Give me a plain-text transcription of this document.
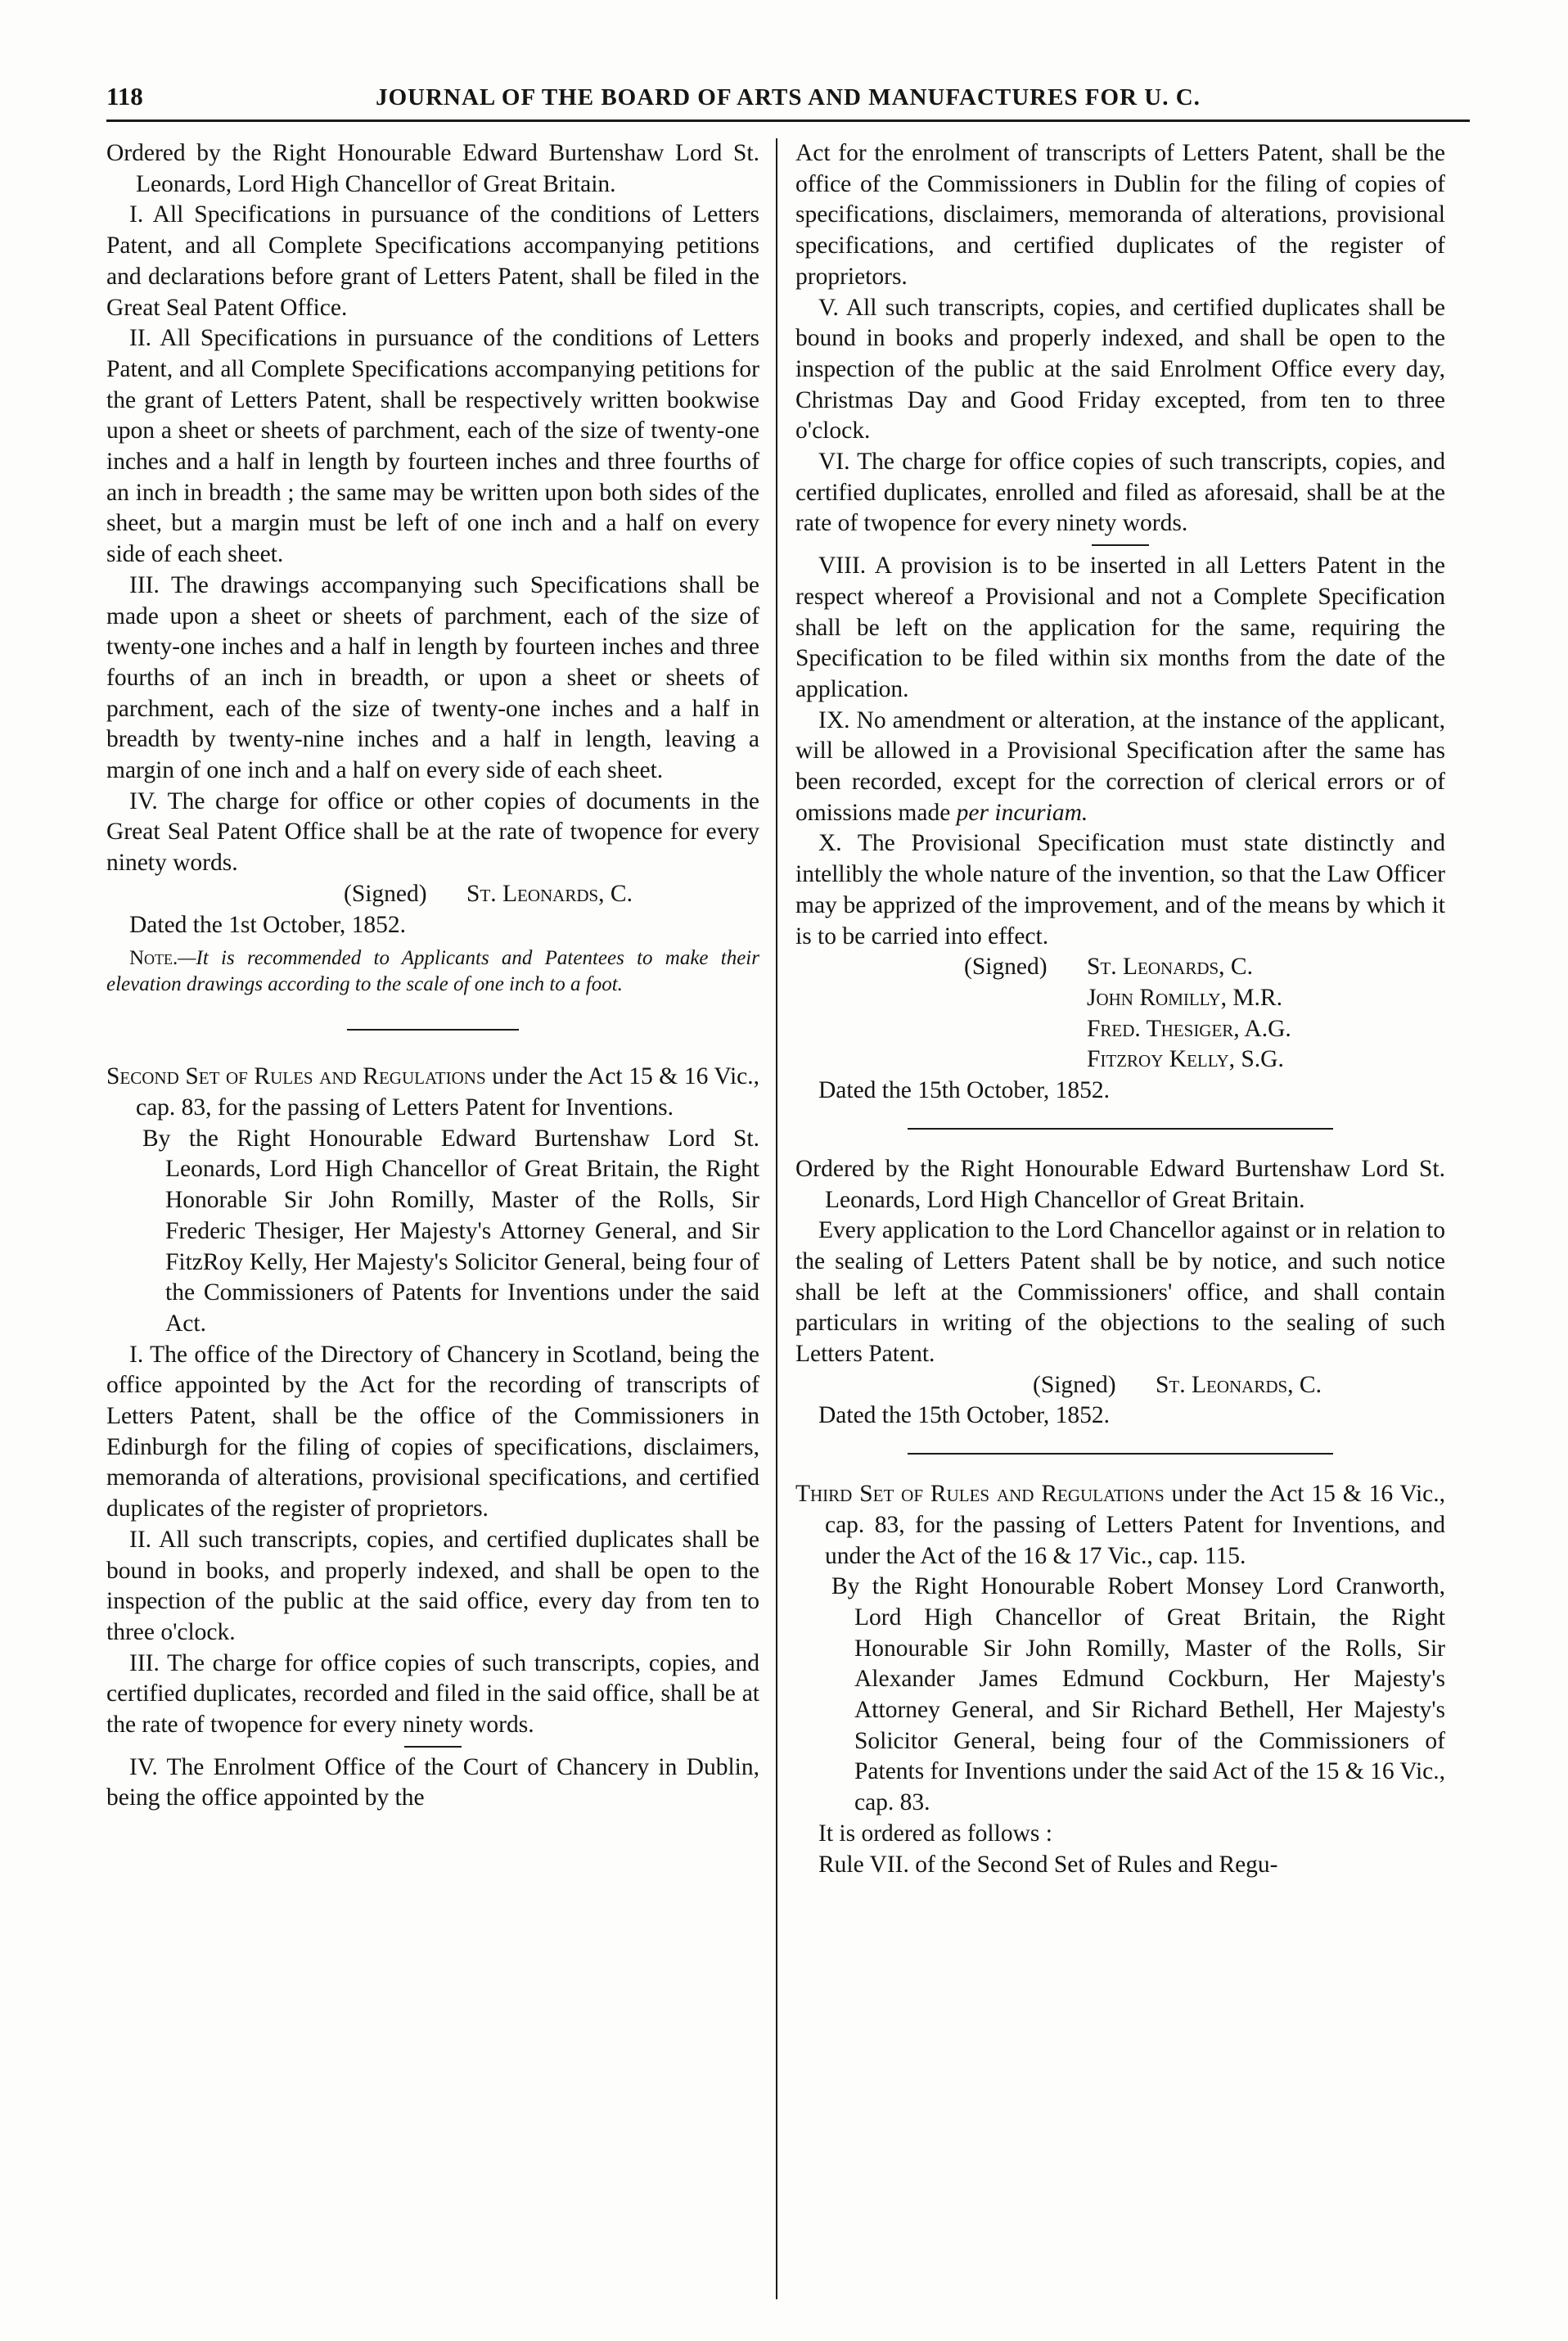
118	JOURNAL OF THE BOARD OF ARTS AND MANUFACTURES FOR U. C.

Ordered by the Right Honourable Edward Burtenshaw Lord St. Leonards, Lord High Chancellor of Great Britain.

I. All Specifications in pursuance of the conditions of Letters Patent, and all Complete Specifications accompanying petitions and declarations before grant of Letters Patent, shall be filed in the Great Seal Patent Office.

II. All Specifications in pursuance of the conditions of Letters Patent, and all Complete Specifications accompanying petitions for the grant of Letters Patent, shall be respectively written bookwise upon a sheet or sheets of parchment, each of the size of twenty-one inches and a half in length by fourteen inches and three fourths of an inch in breadth ; the same may be written upon both sides of the sheet, but a margin must be left of one inch and a half on every side of each sheet.

III. The drawings accompanying such Specifications shall be made upon a sheet or sheets of parchment, each of the size of twenty-one inches and a half in length by fourteen inches and three fourths of an inch in breadth, or upon a sheet or sheets of parchment, each of the size of twenty-one inches and a half in breadth by twenty-nine inches and a half in length, leaving a margin of one inch and a half on every side of each sheet.

IV. The charge for office or other copies of documents in the Great Seal Patent Office shall be at the rate of twopence for every ninety words.

(Signed) St. Leonards, C.

Dated the 1st October, 1852.

Note.—It is recommended to Applicants and Patentees to make their elevation drawings according to the scale of one inch to a foot.

Second Set of Rules and Regulations under the Act 15 & 16 Vic., cap. 83, for the passing of Letters Patent for Inventions.

By the Right Honourable Edward Burtenshaw Lord St. Leonards, Lord High Chancellor of Great Britain, the Right Honorable Sir John Romilly, Master of the Rolls, Sir Frederic Thesiger, Her Majesty's Attorney General, and Sir FitzRoy Kelly, Her Majesty's Solicitor General, being four of the Commissioners of Patents for Inventions under the said Act.

I. The office of the Directory of Chancery in Scotland, being the office appointed by the Act for the recording of transcripts of Letters Patent, shall be the office of the Commissioners in Edinburgh for the filing of copies of specifications, disclaimers, memoranda of alterations, provisional specifications, and certified duplicates of the register of proprietors.

II. All such transcripts, copies, and certified duplicates shall be bound in books, and properly indexed, and shall be open to the inspection of the public at the said office, every day from ten to three o'clock.

III. The charge for office copies of such transcripts, copies, and certified duplicates, recorded and filed in the said office, shall be at the rate of twopence for every ninety words.

IV. The Enrolment Office of the Court of Chancery in Dublin, being the office appointed by the

Act for the enrolment of transcripts of Letters Patent, shall be the office of the Commissioners in Dublin for the filing of copies of specifications, disclaimers, memoranda of alterations, provisional specifications, and certified duplicates of the register of proprietors.

V. All such transcripts, copies, and certified duplicates shall be bound in books and properly indexed, and shall be open to the inspection of the public at the said Enrolment Office every day, Christmas Day and Good Friday excepted, from ten to three o'clock.

VI. The charge for office copies of such transcripts, copies, and certified duplicates, enrolled and filed as aforesaid, shall be at the rate of twopence for every ninety words.

VIII. A provision is to be inserted in all Letters Patent in the respect whereof a Provisional and not a Complete Specification shall be left on the application for the same, requiring the Specification to be filed within six months from the date of the application.

IX. No amendment or alteration, at the instance of the applicant, will be allowed in a Provisional Specification after the same has been recorded, except for the correction of clerical errors or of omissions made per incuriam.

X. The Provisional Specification must state distinctly and intellibly the whole nature of the invention, so that the Law Officer may be apprized of the improvement, and of the means by which it is to be carried into effect.

(Signed)	St. Leonards, C.
John Romilly, M.R.
Fred. Thesiger, A.G.
Fitzroy Kelly, S.G.

Dated the 15th October, 1852.

Ordered by the Right Honourable Edward Burtenshaw Lord St. Leonards, Lord High Chancellor of Great Britain.

Every application to the Lord Chancellor against or in relation to the sealing of Letters Patent shall be by notice, and such notice shall be left at the Commissioners' office, and shall contain particulars in writing of the objections to the sealing of such Letters Patent.

(Signed) St. Leonards, C.

Dated the 15th October, 1852.

Third Set of Rules and Regulations under the Act 15 & 16 Vic., cap. 83, for the passing of Letters Patent for Inventions, and under the Act of the 16 & 17 Vic., cap. 115.

By the Right Honourable Robert Monsey Lord Cranworth, Lord High Chancellor of Great Britain, the Right Honourable Sir John Romilly, Master of the Rolls, Sir Alexander James Edmund Cockburn, Her Majesty's Attorney General, and Sir Richard Bethell, Her Majesty's Solicitor General, being four of the Commissioners of Patents for Inventions under the said Act of the 15 & 16 Vic., cap. 83.

It is ordered as follows :

Rule VII. of the Second Set of Rules and Regu-
